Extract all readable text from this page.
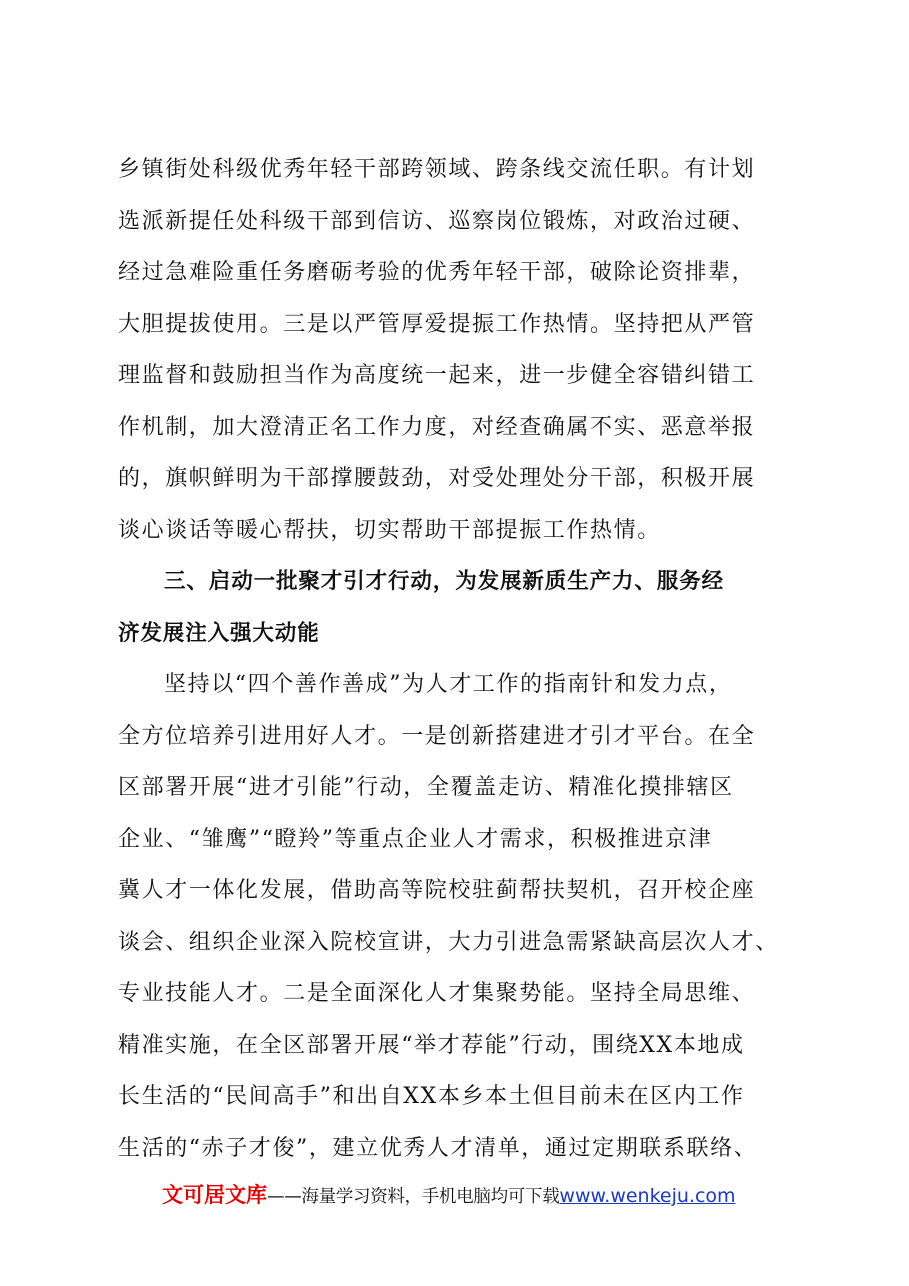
乡镇街处科级优秀年轻干部跨领域、跨条线交流任职。有计划
选派新提任处科级干部到信访、巡察岗位锻炼，对政治过硬、
经过急难险重任务磨砺考验的优秀年轻干部，破除论资排辈，
大胆提拔使用。三是以严管厚爱提振工作热情。坚持把从严管
理监督和鼓励担当作为高度统一起来，进一步健全容错纠错工
作机制，加大澄清正名工作力度，对经查确属不实、恶意举报
的，旗帜鲜明为干部撑腰鼓劲，对受处理处分干部，积极开展
谈心谈话等暖心帮扶，切实帮助干部提振工作热情。
三、启动一批聚才引才行动，为发展新质生产力、服务经
济发展注入强大动能
坚持以“四个善作善成”为人才工作的指南针和发力点，
全方位培养引进用好人才。一是创新搭建进才引才平台。在全
区部署开展“进才引能”行动，全覆盖走访、精准化摸排辖区
企业、“雏鹰”“瞪羚”等重点企业人才需求，积极推进京津
冀人才一体化发展，借助高等院校驻蓟帮扶契机，召开校企座
谈会、组织企业深入院校宣讲，大力引进急需紧缺高层次人才、
专业技能人才。二是全面深化人才集聚势能。坚持全局思维、
精准实施，在全区部署开展“举才荐能”行动，围绕XX本地成
长生活的“民间高手”和出自XX本乡本土但目前未在区内工作
生活的“赤子才俊”，建立优秀人才清单，通过定期联系联络、
文可居文库——海量学习资料，手机电脑均可下载www.wenkeju.com
